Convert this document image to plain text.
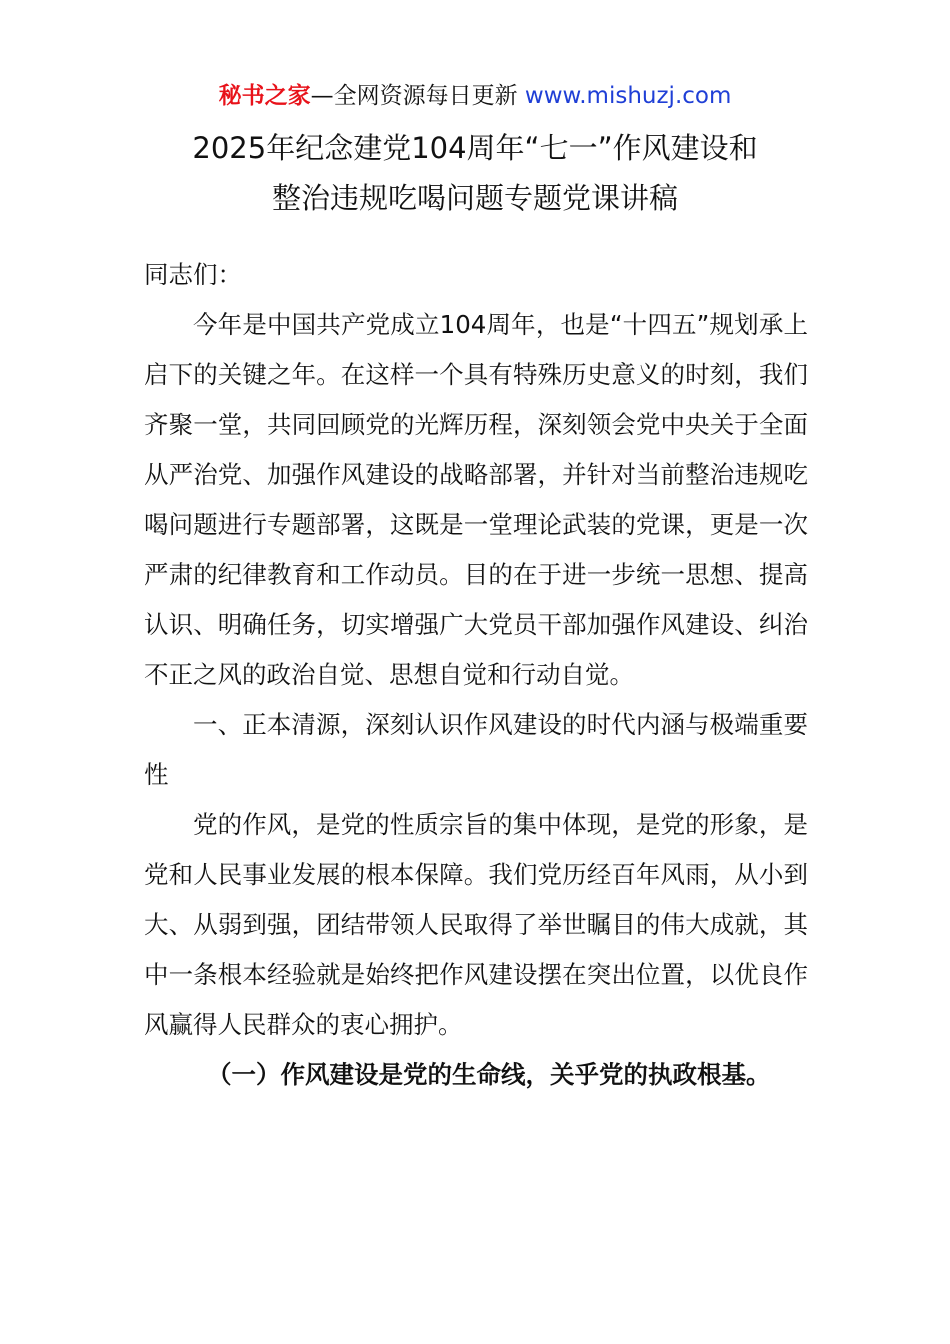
秘书之家—全网资源每日更新 www.mishuzj.com
2025年纪念建党104周年“七一”作风建设和
整治违规吃喝问题专题党课讲稿

同志们：

今年是中国共产党成立104周年，也是“十四五”规划承上启下的关键之年。在这样一个具有特殊历史意义的时刻，我们齐聚一堂，共同回顾党的光辉历程，深刻领会党中央关于全面从严治党、加强作风建设的战略部署，并针对当前整治违规吃喝问题进行专题部署，这既是一堂理论武装的党课，更是一次严肃的纪律教育和工作动员。目的在于进一步统一思想、提高认识、明确任务，切实增强广大党员干部加强作风建设、纠治不正之风的政治自觉、思想自觉和行动自觉。

一、正本清源，深刻认识作风建设的时代内涵与极端重要性

党的作风，是党的性质宗旨的集中体现，是党的形象，是党和人民事业发展的根本保障。我们党历经百年风雨，从小到大、从弱到强，团结带领人民取得了举世瞩目的伟大成就，其中一条根本经验就是始终把作风建设摆在突出位置，以优良作风赢得人民群众的衷心拥护。

（一）作风建设是党的生命线，关乎党的执政根基。
